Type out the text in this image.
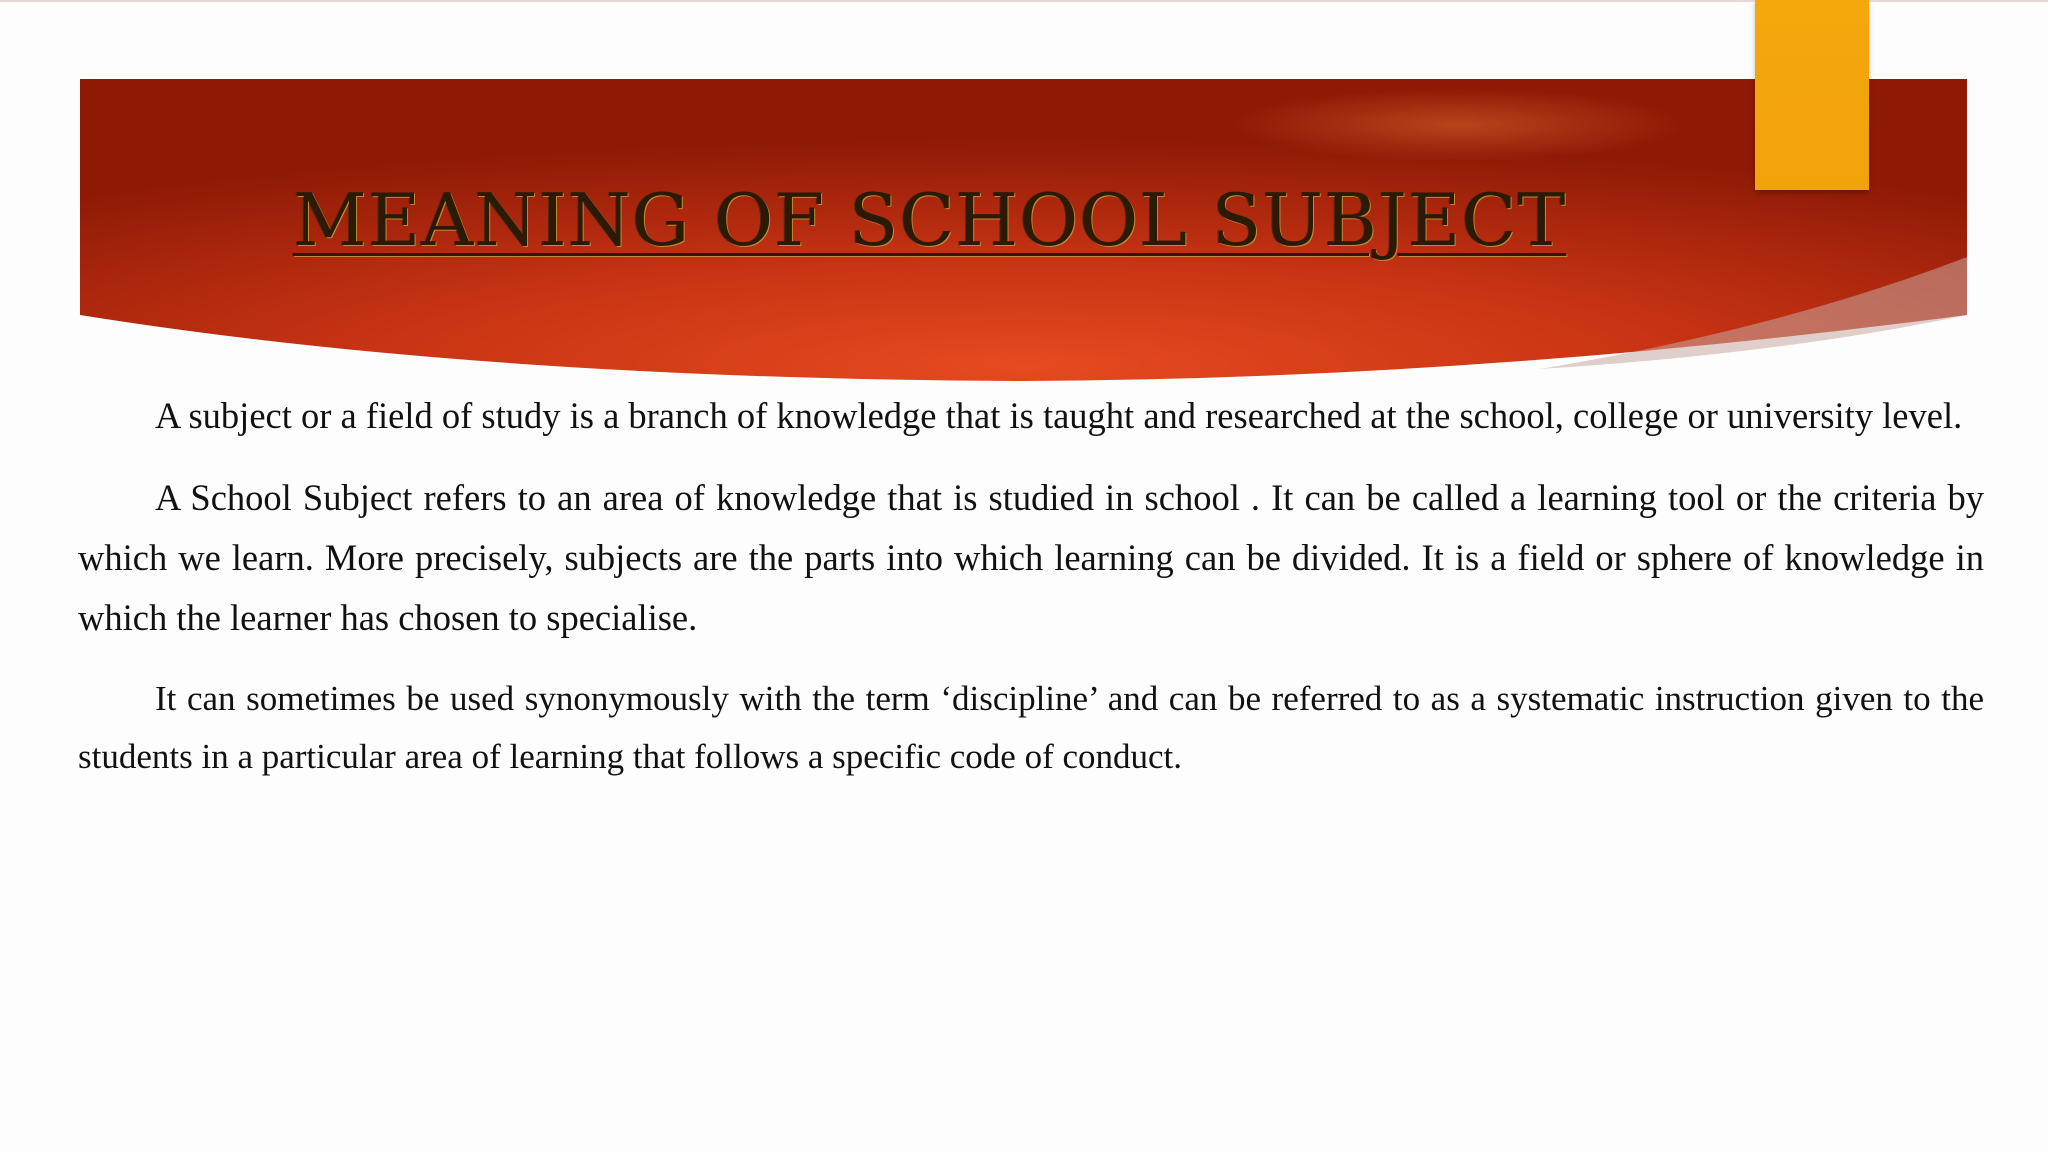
MEANING OF SCHOOL SUBJECT

A subject or a field of study is a branch of knowledge that is taught and researched at the school, college or university level.

A School Subject refers to an area of knowledge that is studied in school . It can be called a learning tool or the criteria by which we learn. More precisely, subjects are the parts into which learning can be divided. It is a field or sphere of knowledge in which the learner has chosen to specialise.

It can sometimes be used synonymously with the term ‘discipline’ and can be referred to as a systematic instruction given to the students in a particular area of learning that follows a specific code of conduct.
